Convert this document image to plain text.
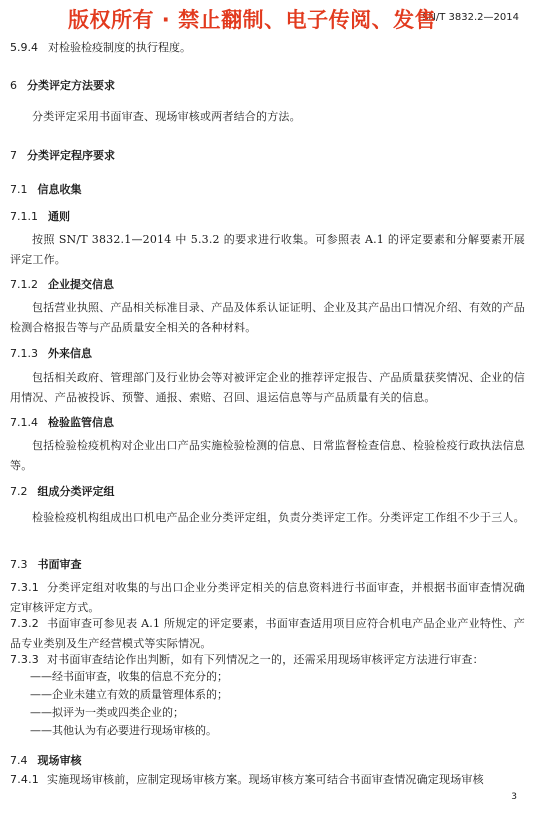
版权所有 · 禁止翻制、电子传阅、发售
SN/T 3832.2—2014
5.9.4 对检验检疫制度的执行程度。
6 分类评定方法要求
分类评定采用书面审查、现场审核或两者结合的方法。
7 分类评定程序要求
7.1 信息收集
7.1.1 通则
按照 SN/T 3832.1—2014 中 5.3.2 的要求进行收集。可参照表 A.1 的评定要素和分解要素开展评定工作。
7.1.2 企业提交信息
包括营业执照、产品相关标准目录、产品及体系认证证明、企业及其产品出口情况介绍、有效的产品检测合格报告等与产品质量安全相关的各种材料。
7.1.3 外来信息
包括相关政府、管理部门及行业协会等对被评定企业的推荐评定报告、产品质量获奖情况、企业的信用情况、产品被投诉、预警、通报、索赔、召回、退运信息等与产品质量有关的信息。
7.1.4 检验监管信息
包括检验检疫机构对企业出口产品实施检验检测的信息、日常监督检查信息、检验检疫行政执法信息等。
7.2 组成分类评定组
检验检疫机构组成出口机电产品企业分类评定组，负责分类评定工作。分类评定工作组不少于三人。
7.3 书面审查
7.3.1 分类评定组对收集的与出口企业分类评定相关的信息资料进行书面审查，并根据书面审查情况确定审核评定方式。
7.3.2 书面审查可参见表 A.1 所规定的评定要素，书面审查适用项目应符合机电产品企业产业特性、产品专业类别及生产经营模式等实际情况。
7.3.3 对书面审查结论作出判断，如有下列情况之一的，还需采用现场审核评定方法进行审查：
——经书面审查，收集的信息不充分的；
——企业未建立有效的质量管理体系的；
——拟评为一类或四类企业的；
——其他认为有必要进行现场审核的。
7.4 现场审核
7.4.1 实施现场审核前，应制定现场审核方案。现场审核方案可结合书面审查情况确定现场审核
3
